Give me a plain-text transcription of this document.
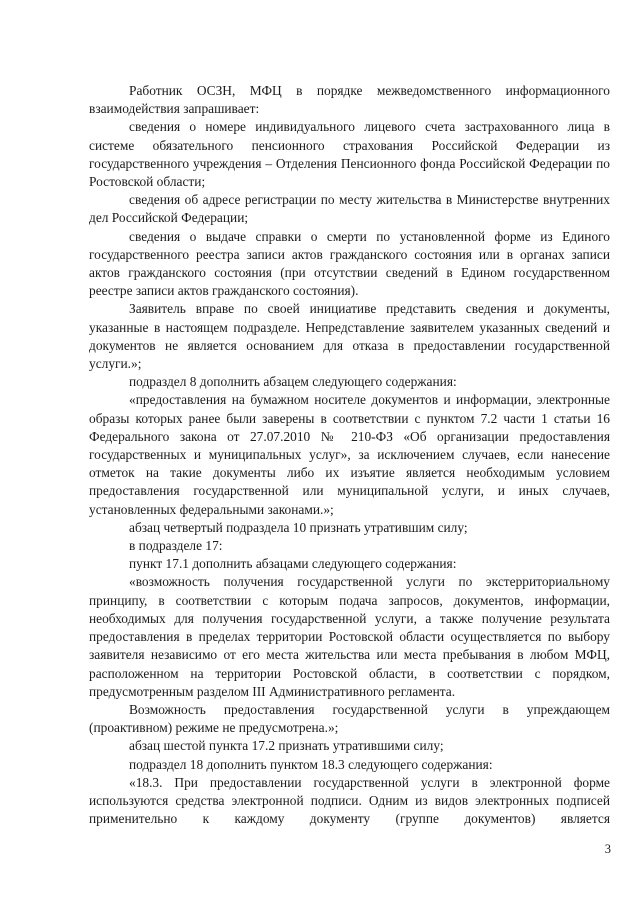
Работник ОСЗН, МФЦ в порядке межведомственного информационного взаимодействия запрашивает:

сведения о номере индивидуального лицевого счета застрахованного лица в системе обязательного пенсионного страхования Российской Федерации из государственного учреждения – Отделения Пенсионного фонда Российской Федерации по Ростовской области;

сведения об адресе регистрации по месту жительства в Министерстве внутренних дел Российской Федерации;

сведения о выдаче справки о смерти по установленной форме из Единого государственного реестра записи актов гражданского состояния или в органах записи актов гражданского состояния (при отсутствии сведений в Едином государственном реестре записи актов гражданского состояния).

Заявитель вправе по своей инициативе представить сведения и документы, указанные в настоящем подразделе. Непредставление заявителем указанных сведений и документов не является основанием для отказа в предоставлении государственной услуги.»;

подраздел 8 дополнить абзацем следующего содержания:

«предоставления на бумажном носителе документов и информации, электронные образы которых ранее были заверены в соответствии с пунктом 7.2 части 1 статьи 16 Федерального закона от 27.07.2010 № 210-ФЗ «Об организации предоставления государственных и муниципальных услуг», за исключением случаев, если нанесение отметок на такие документы либо их изъятие является необходимым условием предоставления государственной или муниципальной услуги, и иных случаев, установленных федеральными законами.»;

абзац четвертый подраздела 10 признать утратившим силу;

в подразделе 17:

пункт 17.1 дополнить абзацами следующего содержания:

«возможность получения государственной услуги по экстерриториальному принципу, в соответствии с которым подача запросов, документов, информации, необходимых для получения государственной услуги, а также получение результата предоставления в пределах территории Ростовской области осуществляется по выбору заявителя независимо от его места жительства или места пребывания в любом МФЦ, расположенном на территории Ростовской области, в соответствии с порядком, предусмотренным разделом III Административного регламента.

Возможность предоставления государственной услуги в упреждающем (проактивном) режиме не предусмотрена.»;

абзац шестой пункта 17.2 признать утратившими силу;

подраздел 18 дополнить пунктом 18.3 следующего содержания:

«18.3. При предоставлении государственной услуги в электронной форме используются средства электронной подписи. Одним из видов электронных подписей применительно к каждому документу (группе документов) является

3
